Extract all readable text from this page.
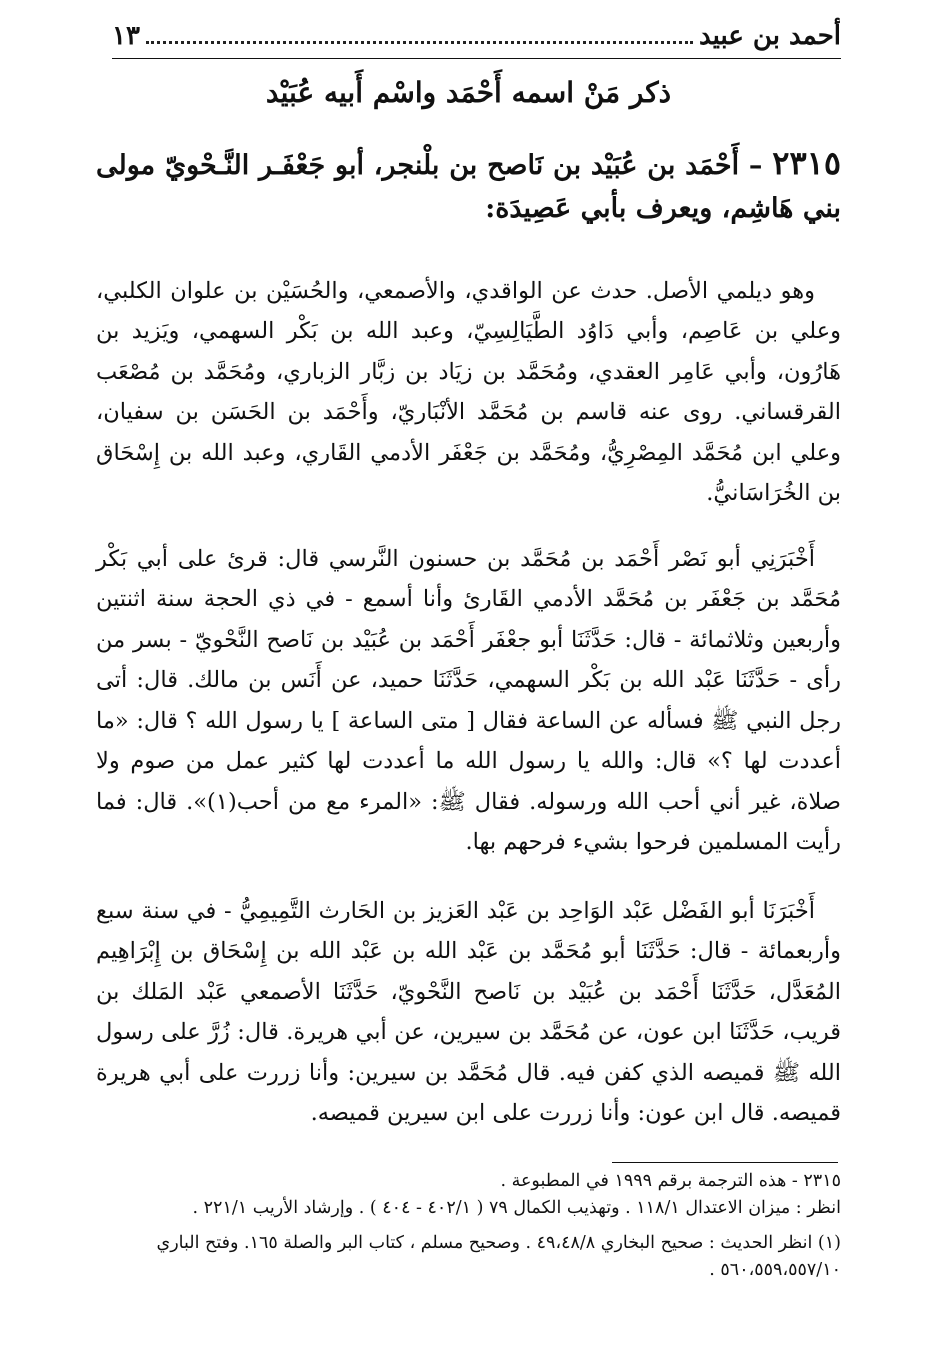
أحمد بن عبيد
١٣
ذكر مَنْ اسمه أَحْمَد واسْم أَبيه عُبَيْد
٢٣١٥ – أَحْمَد بن عُبَيْد بن نَاصح بن بلْنجر، أبو جَعْفَـر النَّـحْويّ مولى بني هَاشِم، ويعرف بأبي عَصِيدَة:

وهو ديلمي الأصل. حدث عن الواقدي، والأصمعي، والحُسَيْن بن علوان الكلبي، وعلي بن عَاصِم، وأبي دَاوُد الطَّيَالِسِيّ، وعبد الله بن بَكْر السهمي، ويَزيد بن هَارُون، وأبي عَامِر العقدي، ومُحَمَّد بن زيَاد بن زبَّار الزباري، ومُحَمَّد بن مُصْعَب القرقساني. روى عنه قاسم بن مُحَمَّد الأنْبَاريّ، وأَحْمَد بن الحَسَن بن سفيان، وعلي ابن مُحَمَّد المِصْرِيُّ، ومُحَمَّد بن جَعْفَر الأدمي القَاري، وعبد الله بن إِسْحَاق بن الخُرَاسَانيُّ.

أَخْبَرَنِي أبو نَصْر أَحْمَد بن مُحَمَّد بن حسنون النَّرسي قال: قرئ على أبي بَكْر مُحَمَّد بن جَعْفَر بن مُحَمَّد الأدمي القَارئ وأنا أسمع - في ذي الحجة سنة اثنتين وأربعين وثلاثمائة - قال: حَدَّثَنَا أبو جعْفَر أَحْمَد بن عُبَيْد بن نَاصح النَّحْويّ - بسر من رأى - حَدَّثَنَا عَبْد الله بن بَكْر السهمي، حَدَّثَنَا حميد، عن أَنَس بن مالك. قال: أتى رجل النبي ﷺ فسأله عن الساعة فقال [ متى الساعة ] يا رسول الله ؟ قال: «ما أعددت لها ؟» قال: والله يا رسول الله ما أعددت لها كثير عمل من صوم ولا صلاة، غير أني أحب الله ورسوله. فقال ﷺ: «المرء مع من أحب(١)». قال: فما رأيت المسلمين فرحوا بشيء فرحهم بها.

أَخْبَرَنَا أبو الفَضْل عَبْد الوَاحِد بن عَبْد العَزيز بن الحَارث التَّمِيمِيُّ - في سنة سبع وأربعمائة - قال: حَدَّثَنَا أبو مُحَمَّد بن عَبْد الله بن عَبْد الله بن إِسْحَاق بن إِبْرَاهِيم المُعَدَّل، حَدَّثَنَا أَحْمَد بن عُبَيْد بن نَاصح النَّحْويّ، حَدَّثَنَا الأصمعي عَبْد المَلك بن قريب، حَدَّثَنَا ابن عون، عن مُحَمَّد بن سيرين، عن أبي هريرة. قال: زُرَّ على رسول الله ﷺ قميصه الذي كفن فيه. قال مُحَمَّد بن سيرين: وأنا زررت على أبي هريرة قميصه. قال ابن عون: وأنا زررت على ابن سيرين قميصه.

٢٣١٥ - هذه الترجمة برقم ١٩٩٩ في المطبوعة .

انظر : ميزان الاعتدال ١١٨/١ . وتهذيب الكمال ٧٩ ( ٤٠٢/١ - ٤٠٤ ) . وإرشاد الأريب ٢٢١/١ .

(١) انظر الحديث : صحيح البخاري ٤٩،٤٨/٨ . وصحيح مسلم ، كتاب البر والصلة ١٦٥. وفتح الباري ٥٦٠،٥٥٩،٥٥٧/١٠ .
